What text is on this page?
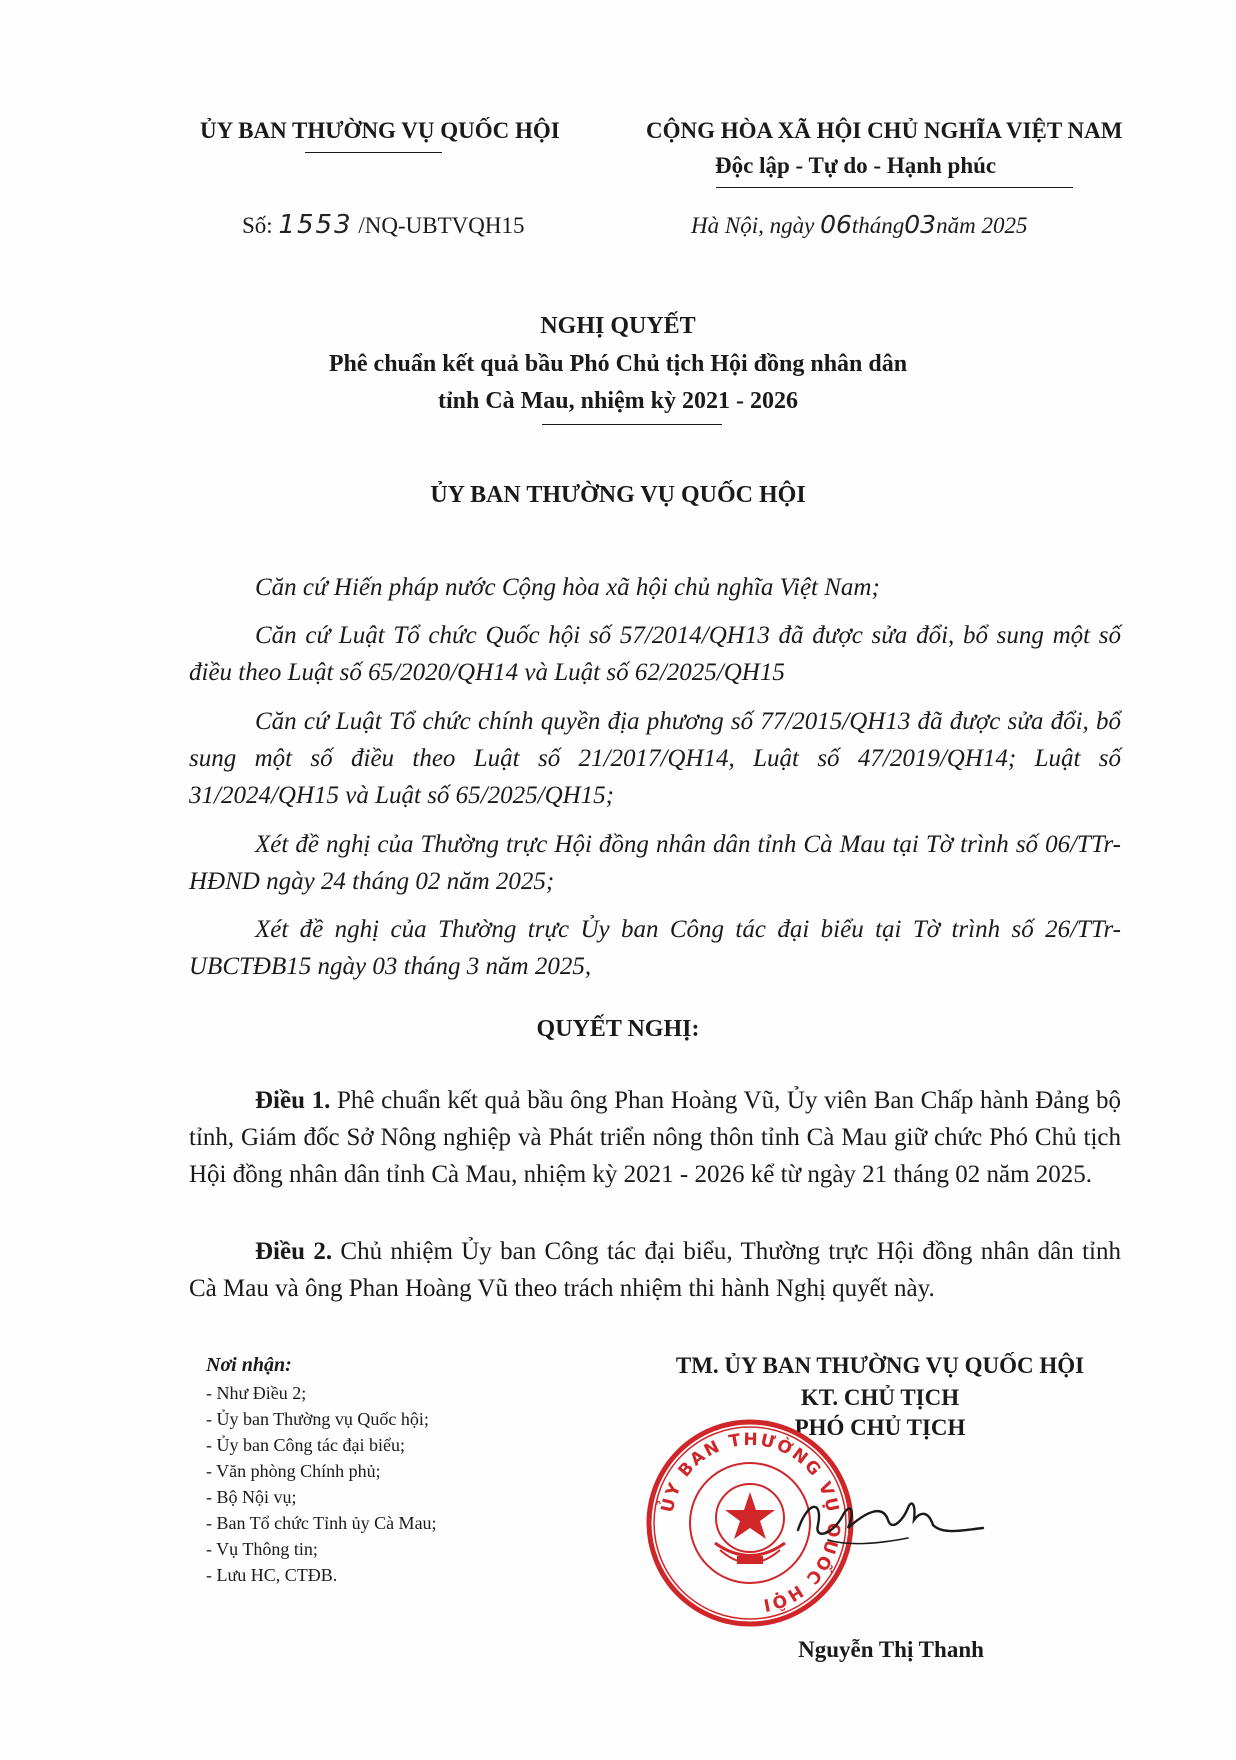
ỦY BAN THƯỜNG VỤ QUỐC HỘI
Số: 1553 /NQ-UBTVQH15
CỘNG HÒA XÃ HỘI CHỦ NGHĨA VIỆT NAM
Độc lập - Tự do - Hạnh phúc
Hà Nội, ngày 06tháng03năm 2025
NGHỊ QUYẾT
Phê chuẩn kết quả bầu Phó Chủ tịch Hội đồng nhân dân
tỉnh Cà Mau, nhiệm kỳ 2021 - 2026
ỦY BAN THƯỜNG VỤ QUỐC HỘI
Căn cứ Hiến pháp nước Cộng hòa xã hội chủ nghĩa Việt Nam;
Căn cứ Luật Tổ chức Quốc hội số 57/2014/QH13 đã được sửa đổi, bổ sung một số điều theo Luật số 65/2020/QH14 và Luật số 62/2025/QH15
Căn cứ Luật Tổ chức chính quyền địa phương số 77/2015/QH13 đã được sửa đổi, bổ sung một số điều theo Luật số 21/2017/QH14, Luật số 47/2019/QH14; Luật số 31/2024/QH15 và Luật số 65/2025/QH15;
Xét đề nghị của Thường trực Hội đồng nhân dân tỉnh Cà Mau tại Tờ trình số 06/TTr-HĐND ngày 24 tháng 02 năm 2025;
Xét đề nghị của Thường trực Ủy ban Công tác đại biểu tại Tờ trình số 26/TTr-UBCTĐB15 ngày 03 tháng 3 năm 2025,
QUYẾT NGHỊ:
Điều 1. Phê chuẩn kết quả bầu ông Phan Hoàng Vũ, Ủy viên Ban Chấp hành Đảng bộ tỉnh, Giám đốc Sở Nông nghiệp và Phát triển nông thôn tỉnh Cà Mau giữ chức Phó Chủ tịch Hội đồng nhân dân tỉnh Cà Mau, nhiệm kỳ 2021 - 2026 kể từ ngày 21 tháng 02 năm 2025.
Điều 2. Chủ nhiệm Ủy ban Công tác đại biểu, Thường trực Hội đồng nhân dân tỉnh Cà Mau và ông Phan Hoàng Vũ theo trách nhiệm thi hành Nghị quyết này.
Nơi nhận:
- Như Điều 2;
- Ủy ban Thường vụ Quốc hội;
- Ủy ban Công tác đại biểu;
- Văn phòng Chính phủ;
- Bộ Nội vụ;
- Ban Tổ chức Tỉnh ủy Cà Mau;
- Vụ Thông tin;
- Lưu HC, CTĐB.
TM. ỦY BAN THƯỜNG VỤ QUỐC HỘI
KT. CHỦ TỊCH
PHÓ CHỦ TỊCH
ỦY BAN THƯỜNG VỤ QUỐC HỘI
Nguyễn Thị Thanh
